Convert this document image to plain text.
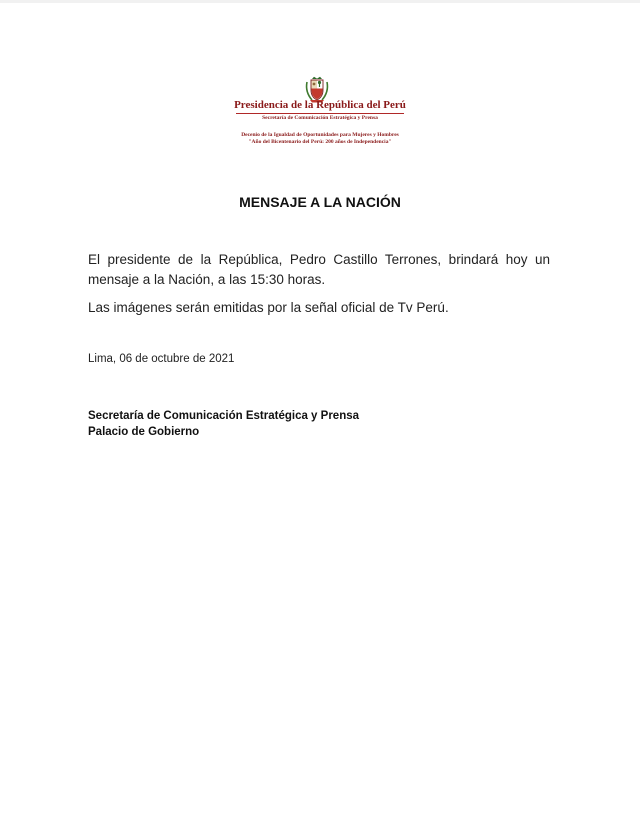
Presidencia de la República del Perú
Secretaría de Comunicación Estratégica y Prensa
Decenio de la Igualdad de Oportunidades para Mujeres y Hombres
"Año del Bicentenario del Perú: 200 años de Independencia"
MENSAJE A LA NACIÓN

El presidente de la República, Pedro Castillo Terrones, brindará hoy un mensaje a la Nación, a las 15:30 horas.

Las imágenes serán emitidas por la señal oficial de Tv Perú.

Lima, 06 de octubre de 2021
Secretaría de Comunicación Estratégica y Prensa
Palacio de Gobierno
